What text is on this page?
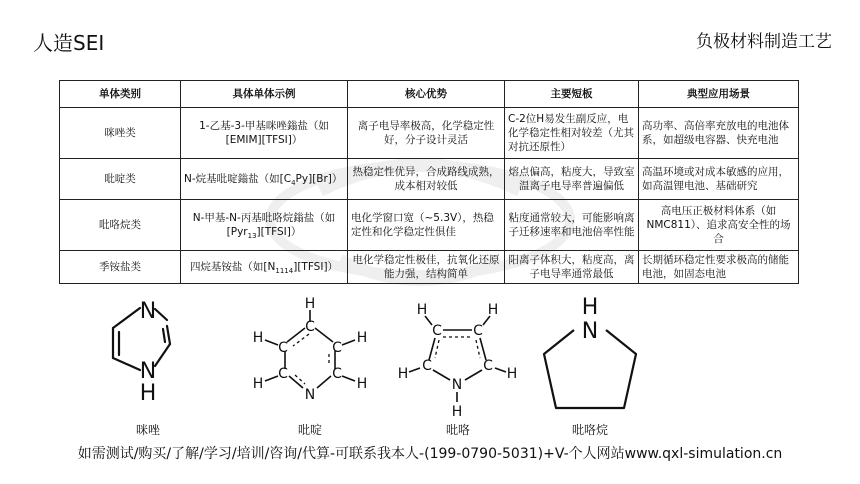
人造SEI	负极材料制造工艺
单体类别	具体单体示例	核心优势	主要短板	典型应用场景
咪唑类	1-乙基-3-甲基咪唑鎓盐（如[EMIM][TFSI]）	离子电导率极高，化学稳定性好，分子设计灵活	C-2位H易发生副反应，电化学稳定性相对较差（尤其对抗还原性）	高功率、高倍率充放电的电池体系，如超级电容器、快充电池
吡啶类	N-烷基吡啶鎓盐（如$[C_4Py][Br]$）	热稳定性优异，合成路线成熟，成本相对较低	熔点偏高，粘度大，导致室温离子电导率普遍偏低	高温环境或对成本敏感的应用，如高温锂电池、基础研究
吡咯烷类	N-甲基-N-丙基吡咯烷鎓盐（如[Pyr$_{13}$][TFSI]）	电化学窗口宽（~5.3V），热稳定性和化学稳定性俱佳	粘度通常较大，可能影响离子迁移速率和电池倍率性能	高电压正极材料体系（如NMC811）、追求高安全性的场合
季铵盐类	四烷基铵盐（如$[N_{1114}][TFSI]$）	电化学稳定性极佳，抗氧化还原能力强，结构简单	阳离子体积大，粘度高，离子电导率通常最低	长期循环稳定性要求极高的储能电池，如固态电池
N
N
H
咪唑
H
C
C	C
C	C
N
H	H
H	H
吡啶
H	H
C C
C	C
N
H	H
H
吡咯
H
N
吡咯烷
如需测试/购买/了解/学习/培训/咨询/代算-可联系我本人-(199-0790-5031)+V-个人网站www.qxl-simulation.cn
